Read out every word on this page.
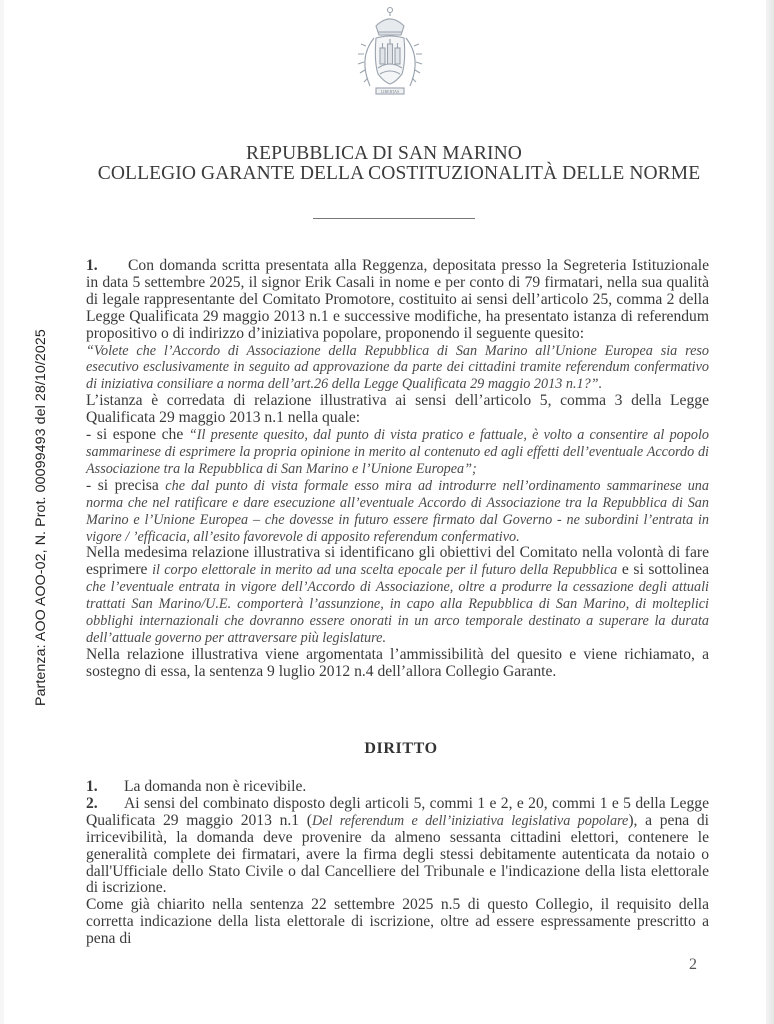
Partenza: AOO AOO-02, N. Prot. 00099493 del 28/10/2025
LIBERTAS
REPUBBLICA DI SAN MARINO
COLLEGIO GARANTE DELLA COSTITUZIONALITÀ DELLE NORME

1. Con domanda scritta presentata alla Reggenza, depositata presso la Segreteria Istituzionale in data 5 settembre 2025, il signor Erik Casali in nome e per conto di 79 firmatari, nella sua qualità di legale rappresentante del Comitato Promotore, costituito ai sensi dell’articolo 25, comma 2 della Legge Qualificata 29 maggio 2013 n.1 e successive modifiche, ha presentato istanza di referendum propositivo o di indirizzo d’iniziativa popolare, proponendo il seguente quesito:

“Volete che l’Accordo di Associazione della Repubblica di San Marino all’Unione Europea sia reso esecutivo esclusivamente in seguito ad approvazione da parte dei cittadini tramite referendum confermativo di iniziativa consiliare a norma dell’art.26 della Legge Qualificata 29 maggio 2013 n.1?”.

L’istanza è corredata di relazione illustrativa ai sensi dell’articolo 5, comma 3 della Legge Qualificata 29 maggio 2013 n.1 nella quale:

- si espone che “Il presente quesito, dal punto di vista pratico e fattuale, è volto a consentire al popolo sammarinese di esprimere la propria opinione in merito al contenuto ed agli effetti dell’eventuale Accordo di Associazione tra la Repubblica di San Marino e l’Unione Europea”;

- si precisa che dal punto di vista formale esso mira ad introdurre nell’ordinamento sammarinese una norma che nel ratificare e dare esecuzione all’eventuale Accordo di Associazione tra la Repubblica di San Marino e l’Unione Europea – che dovesse in futuro essere firmato dal Governo - ne subordini l’entrata in vigore / ’efficacia, all’esito favorevole di apposito referendum confermativo.

Nella medesima relazione illustrativa si identificano gli obiettivi del Comitato nella volontà di fare esprimere il corpo elettorale in merito ad una scelta epocale per il futuro della Repubblica e si sottolinea che l’eventuale entrata in vigore dell’Accordo di Associazione, oltre a produrre la cessazione degli attuali trattati San Marino/U.E. comporterà l’assunzione, in capo alla Repubblica di San Marino, di molteplici obblighi internazionali che dovranno essere onorati in un arco temporale destinato a superare la durata dell’attuale governo per attraversare più legislature.

Nella relazione illustrativa viene argomentata l’ammissibilità del quesito e viene richiamato, a sostegno di essa, la sentenza 9 luglio 2012 n.4 dell’allora Collegio Garante.

DIRITTO

1. La domanda non è ricevibile.

2. Ai sensi del combinato disposto degli articoli 5, commi 1 e 2, e 20, commi 1 e 5 della Legge Qualificata 29 maggio 2013 n.1 (Del referendum e dell’iniziativa legislativa popolare), a pena di irricevibilità, la domanda deve provenire da almeno sessanta cittadini elettori, contenere le generalità complete dei firmatari, avere la firma degli stessi debitamente autenticata da notaio o dall'Ufficiale dello Stato Civile o dal Cancelliere del Tribunale e l'indicazione della lista elettorale di iscrizione.

Come già chiarito nella sentenza 22 settembre 2025 n.5 di questo Collegio, il requisito della corretta indicazione della lista elettorale di iscrizione, oltre ad essere espressamente prescritto a pena di

2
